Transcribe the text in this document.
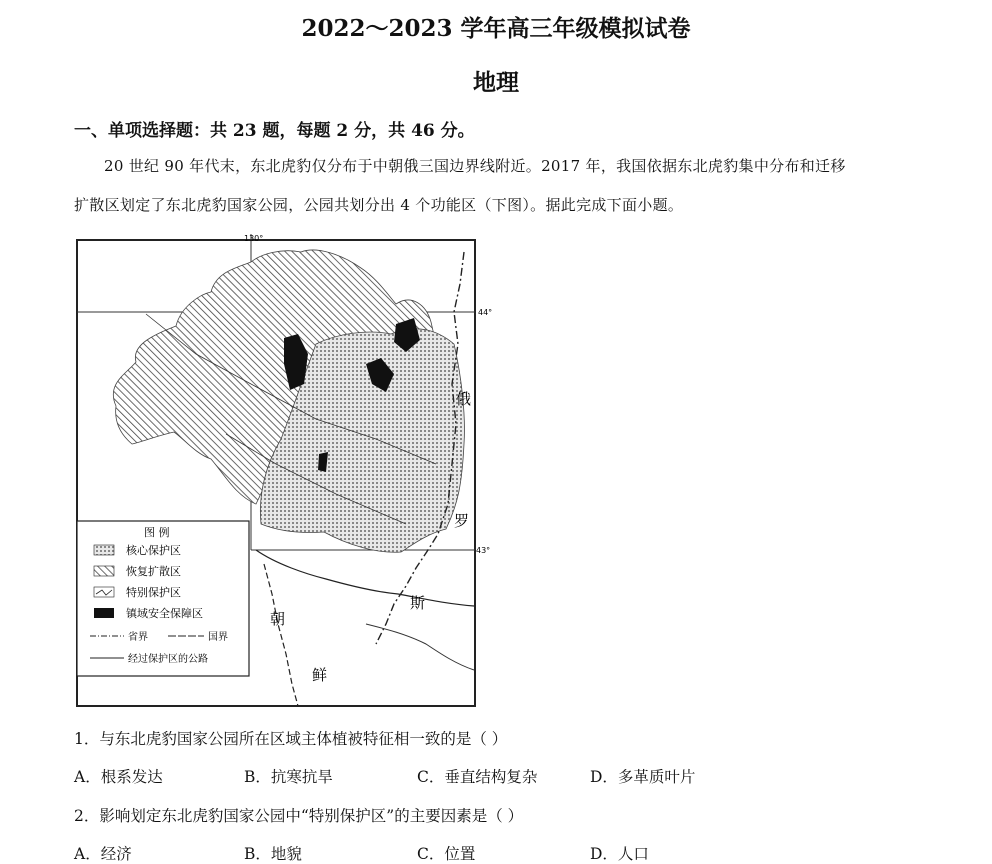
2022～2023 学年高三年级模拟试卷
地理
一、单项选择题：共 23 题，每题 2 分，共 46 分。
20 世纪 90 年代末，东北虎豹仅分布于中朝俄三国边界线附近。2017 年，我国依据东北虎豹集中分布和迁移
扩散区划定了东北虎豹国家公园，公园共划分出 4 个功能区（下图）。据此完成下面小题。
130°
44°
43°
俄
罗
斯
朝
鲜
图 例
核心保护区
恢复扩散区
特别保护区
镇域安全保障区
省界	国界
经过保护区的公路
1．与东北虎豹国家公园所在区域主体植被特征相一致的是（ ）
A．根系发达	B．抗寒抗旱	C．垂直结构复杂	D．多革质叶片
2．影响划定东北虎豹国家公园中“特别保护区”的主要因素是（ ）
A．经济	B．地貌	C．位置	D．人口
